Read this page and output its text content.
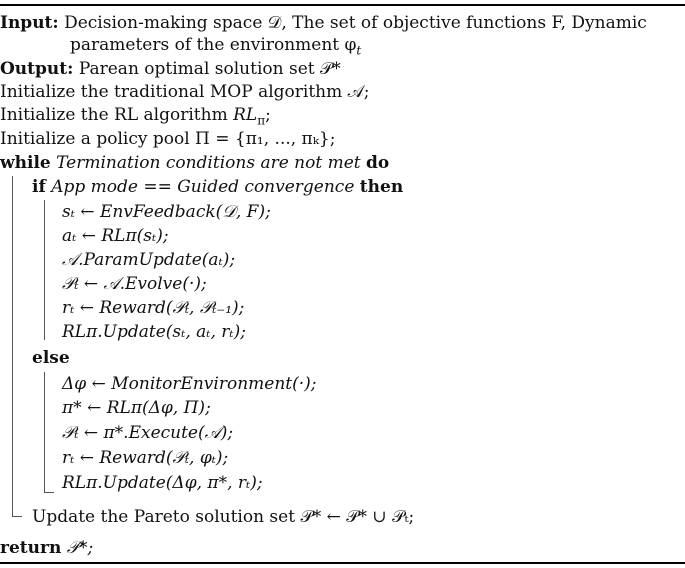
Input: Decision-making space 𝒟, The set of objective functions F, Dynamic
parameters of the environment $\varphi_t$
Output: Parean optimal solution set 𝒫*
Initialize the traditional MOP algorithm 𝒜;
Initialize the RL algorithm $RL_\pi$;
Initialize a policy pool Π = {π₁, ..., πₖ};
while Termination conditions are not met do
if App mode == Guided convergence then
sₜ ← EnvFeedback(𝒟, F);
aₜ ← RLπ(sₜ);
𝒜.ParamUpdate(aₜ);
𝒫ₜ ← 𝒜.Evolve(·);
rₜ ← Reward(𝒫ₜ, 𝒫ₜ₋₁);
RLπ.Update(sₜ, aₜ, rₜ);
else
Δφ ← MonitorEnvironment(·);
π* ← RLπ(Δφ, Π);
𝒫ₜ ← π*.Execute(𝒜);
rₜ ← Reward(𝒫ₜ, φₜ);
RLπ.Update(Δφ, π*, rₜ);
Update the Pareto solution set 𝒫* ← 𝒫* ∪ 𝒫ₜ;
return 𝒫*;
